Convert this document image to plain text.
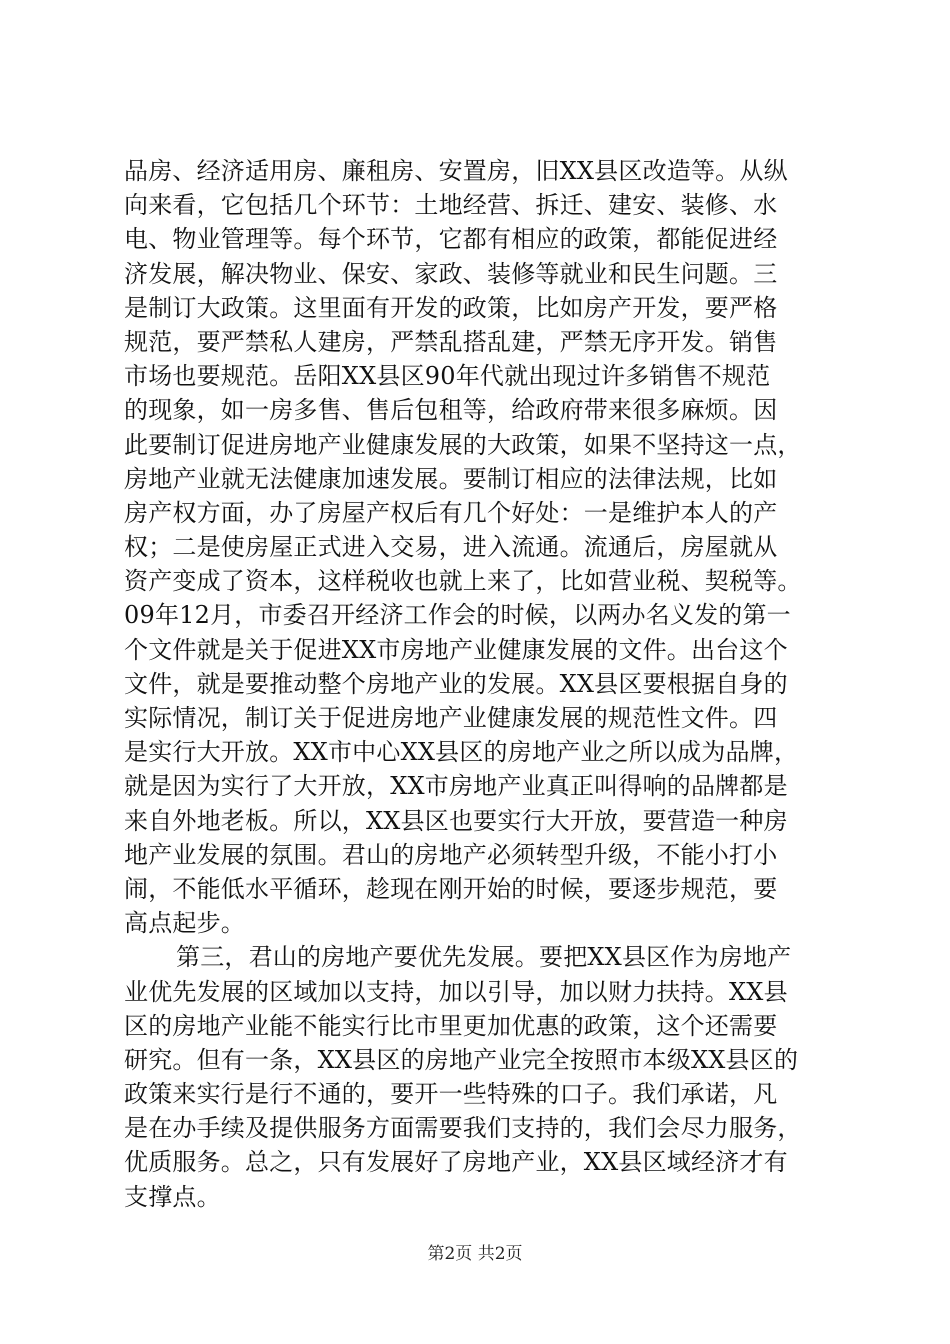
品房、经济适用房、廉租房、安置房，旧XX县区改造等。从纵
向来看，它包括几个环节：土地经营、拆迁、建安、装修、水
电、物业管理等。每个环节，它都有相应的政策，都能促进经
济发展，解决物业、保安、家政、装修等就业和民生问题。三
是制订大政策。这里面有开发的政策，比如房产开发，要严格
规范，要严禁私人建房，严禁乱搭乱建，严禁无序开发。销售
市场也要规范。岳阳XX县区90年代就出现过许多销售不规范
的现象，如一房多售、售后包租等，给政府带来很多麻烦。因
此要制订促进房地产业健康发展的大政策，如果不坚持这一点，
房地产业就无法健康加速发展。要制订相应的法律法规，比如
房产权方面，办了房屋产权后有几个好处：一是维护本人的产
权；二是使房屋正式进入交易，进入流通。流通后，房屋就从
资产变成了资本，这样税收也就上来了，比如营业税、契税等。
09年12月，市委召开经济工作会的时候，以两办名义发的第一
个文件就是关于促进XX市房地产业健康发展的文件。出台这个
文件，就是要推动整个房地产业的发展。XX县区要根据自身的
实际情况，制订关于促进房地产业健康发展的规范性文件。四
是实行大开放。XX市中心XX县区的房地产业之所以成为品牌，
就是因为实行了大开放，XX市房地产业真正叫得响的品牌都是
来自外地老板。所以，XX县区也要实行大开放，要营造一种房
地产业发展的氛围。君山的房地产必须转型升级，不能小打小
闹，不能低水平循环，趁现在刚开始的时候，要逐步规范，要
高点起步。
第三，君山的房地产要优先发展。要把XX县区作为房地产
业优先发展的区域加以支持，加以引导，加以财力扶持。XX县
区的房地产业能不能实行比市里更加优惠的政策，这个还需要
研究。但有一条，XX县区的房地产业完全按照市本级XX县区的
政策来实行是行不通的，要开一些特殊的口子。我们承诺，凡
是在办手续及提供服务方面需要我们支持的，我们会尽力服务，
优质服务。总之，只有发展好了房地产业，XX县区域经济才有
支撑点。
第2页 共2页
